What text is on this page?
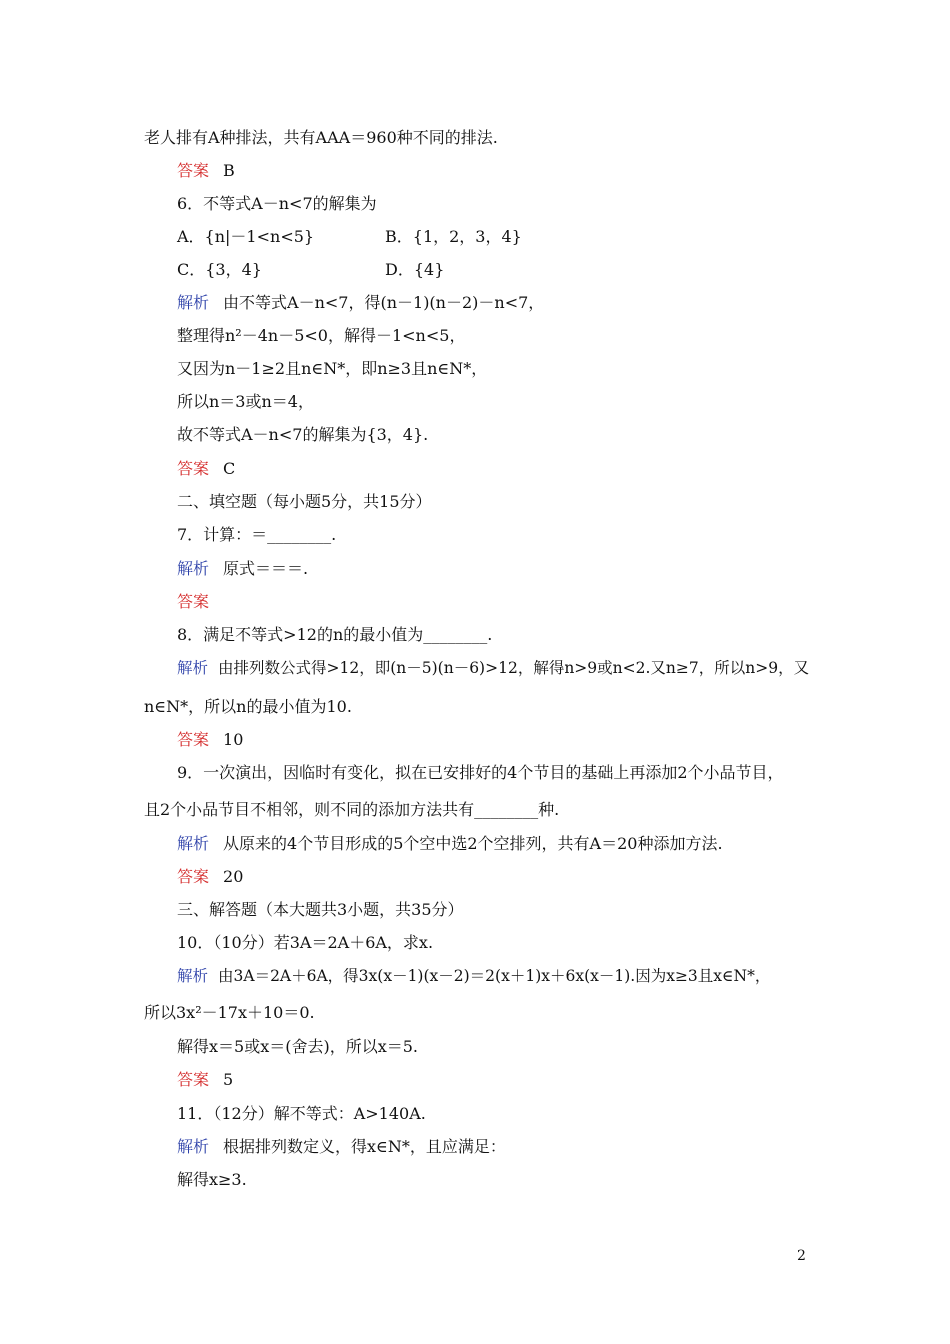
老人排有A种排法，共有AAA＝960种不同的排法.
答案 B
6．不等式A－n<7的解集为
A．{n|－1<n<5}	B．{1，2，3，4}
C．{3，4}	D．{4}
解析 由不等式A－n<7，得(n－1)(n－2)－n<7，
整理得n²－4n－5<0，解得－1<n<5，
又因为n－1≥2且n∈N*，即n≥3且n∈N*，
所以n＝3或n＝4，
故不等式A－n<7的解集为{3，4}.
答案 C
二、填空题（每小题5分，共15分）
7．计算：＝________.
解析 原式＝＝＝.
答案
8．满足不等式>12的n的最小值为________.
解析 由排列数公式得>12，即(n－5)(n－6)>12，解得n>9或n<2.又n≥7，所以n>9，又
n∈N*，所以n的最小值为10.
答案 10
9．一次演出，因临时有变化，拟在已安排好的4个节目的基础上再添加2个小品节目，
且2个小品节目不相邻，则不同的添加方法共有________种.
解析 从原来的4个节目形成的5个空中选2个空排列，共有A＝20种添加方法.
答案 20
三、解答题（本大题共3小题，共35分）
10．（10分）若3A＝2A＋6A，求x.
解析 由3A＝2A＋6A，得3x(x－1)(x－2)＝2(x＋1)x＋6x(x－1).因为x≥3且x∈N*，
所以3x²－17x＋10＝0.
解得x＝5或x＝(舍去)，所以x＝5.
答案 5
11．（12分）解不等式：A>140A.
解析 根据排列数定义，得x∈N*，且应满足：
解得x≥3.
2
